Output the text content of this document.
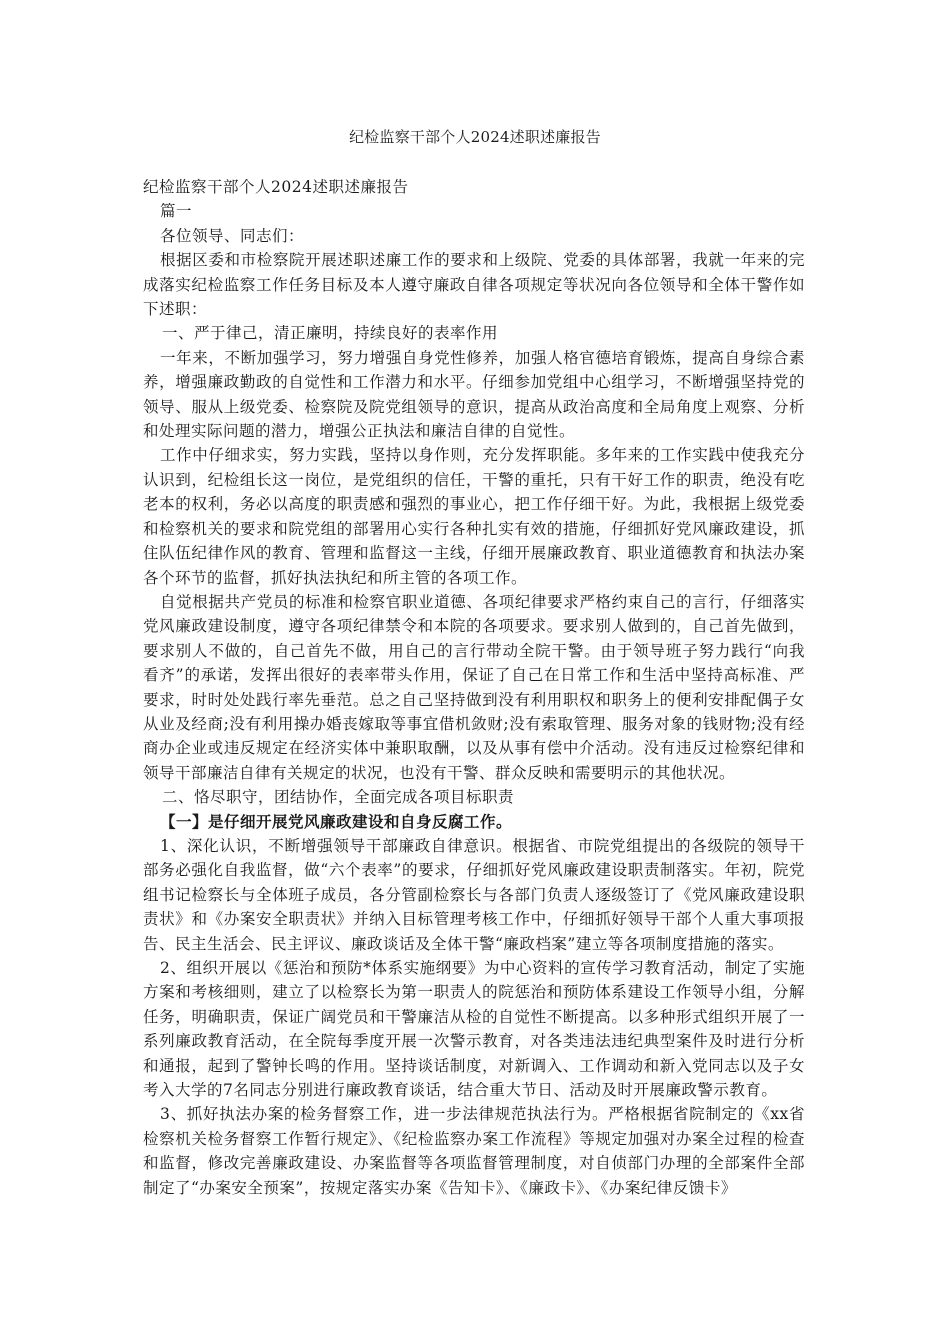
纪检监察干部个人2024述职述廉报告

纪检监察干部个人2024述职述廉报告

篇一

各位领导、同志们：

根据区委和市检察院开展述职述廉工作的要求和上级院、党委的具体部署，我就一年来的完成落实纪检监察工作任务目标及本人遵守廉政自律各项规定等状况向各位领导和全体干警作如下述职：

一、严于律己，清正廉明，持续良好的表率作用

一年来，不断加强学习，努力增强自身党性修养，加强人格官德培育锻炼，提高自身综合素养，增强廉政勤政的自觉性和工作潜力和水平。仔细参加党组中心组学习，不断增强坚持党的领导、服从上级党委、检察院及院党组领导的意识，提高从政治高度和全局角度上观察、分析和处理实际问题的潜力，增强公正执法和廉洁自律的自觉性。

工作中仔细求实，努力实践，坚持以身作则，充分发挥职能。多年来的工作实践中使我充分认识到，纪检组长这一岗位，是党组织的信任，干警的重托，只有干好工作的职责，绝没有吃老本的权利，务必以高度的职责感和强烈的事业心，把工作仔细干好。为此，我根据上级党委和检察机关的要求和院党组的部署用心实行各种扎实有效的措施，仔细抓好党风廉政建设，抓住队伍纪律作风的教育、管理和监督这一主线，仔细开展廉政教育、职业道德教育和执法办案各个环节的监督，抓好执法执纪和所主管的各项工作。

自觉根据共产党员的标准和检察官职业道德、各项纪律要求严格约束自己的言行，仔细落实党风廉政建设制度，遵守各项纪律禁令和本院的各项要求。要求别人做到的，自己首先做到，要求别人不做的，自己首先不做，用自己的言行带动全院干警。由于领导班子努力践行“向我看齐”的承诺，发挥出很好的表率带头作用，保证了自己在日常工作和生活中坚持高标准、严要求，时时处处践行率先垂范。总之自己坚持做到没有利用职权和职务上的便利安排配偶子女从业及经商;没有利用操办婚丧嫁取等事宜借机敛财;没有索取管理、服务对象的钱财物;没有经商办企业或违反规定在经济实体中兼职取酬，以及从事有偿中介活动。没有违反过检察纪律和领导干部廉洁自律有关规定的状况，也没有干警、群众反映和需要明示的其他状况。

二、恪尽职守，团结协作，全面完成各项目标职责

【一】是仔细开展党风廉政建设和自身反腐工作。

1、深化认识，不断增强领导干部廉政自律意识。根据省、市院党组提出的各级院的领导干部务必强化自我监督，做“六个表率”的要求，仔细抓好党风廉政建设职责制落实。年初，院党组书记检察长与全体班子成员，各分管副检察长与各部门负责人逐级签订了《党风廉政建设职责状》和《办案安全职责状》并纳入目标管理考核工作中，仔细抓好领导干部个人重大事项报告、民主生活会、民主评议、廉政谈话及全体干警“廉政档案”建立等各项制度措施的落实。

2、组织开展以《惩治和预防*体系实施纲要》为中心资料的宣传学习教育活动，制定了实施方案和考核细则，建立了以检察长为第一职责人的院惩治和预防体系建设工作领导小组，分解任务，明确职责，保证广阔党员和干警廉洁从检的自觉性不断提高。以多种形式组织开展了一系列廉政教育活动，在全院每季度开展一次警示教育，对各类违法违纪典型案件及时进行分析和通报，起到了警钟长鸣的作用。坚持谈话制度，对新调入、工作调动和新入党同志以及子女考入大学的7名同志分别进行廉政教育谈话，结合重大节日、活动及时开展廉政警示教育。

3、抓好执法办案的检务督察工作，进一步法律规范执法行为。严格根据省院制定的《xx省检察机关检务督察工作暂行规定》、《纪检监察办案工作流程》等规定加强对办案全过程的检查和监督，修改完善廉政建设、办案监督等各项监督管理制度，对自侦部门办理的全部案件全部制定了“办案安全预案”，按规定落实办案《告知卡》、《廉政卡》、《办案纪律反馈卡》
